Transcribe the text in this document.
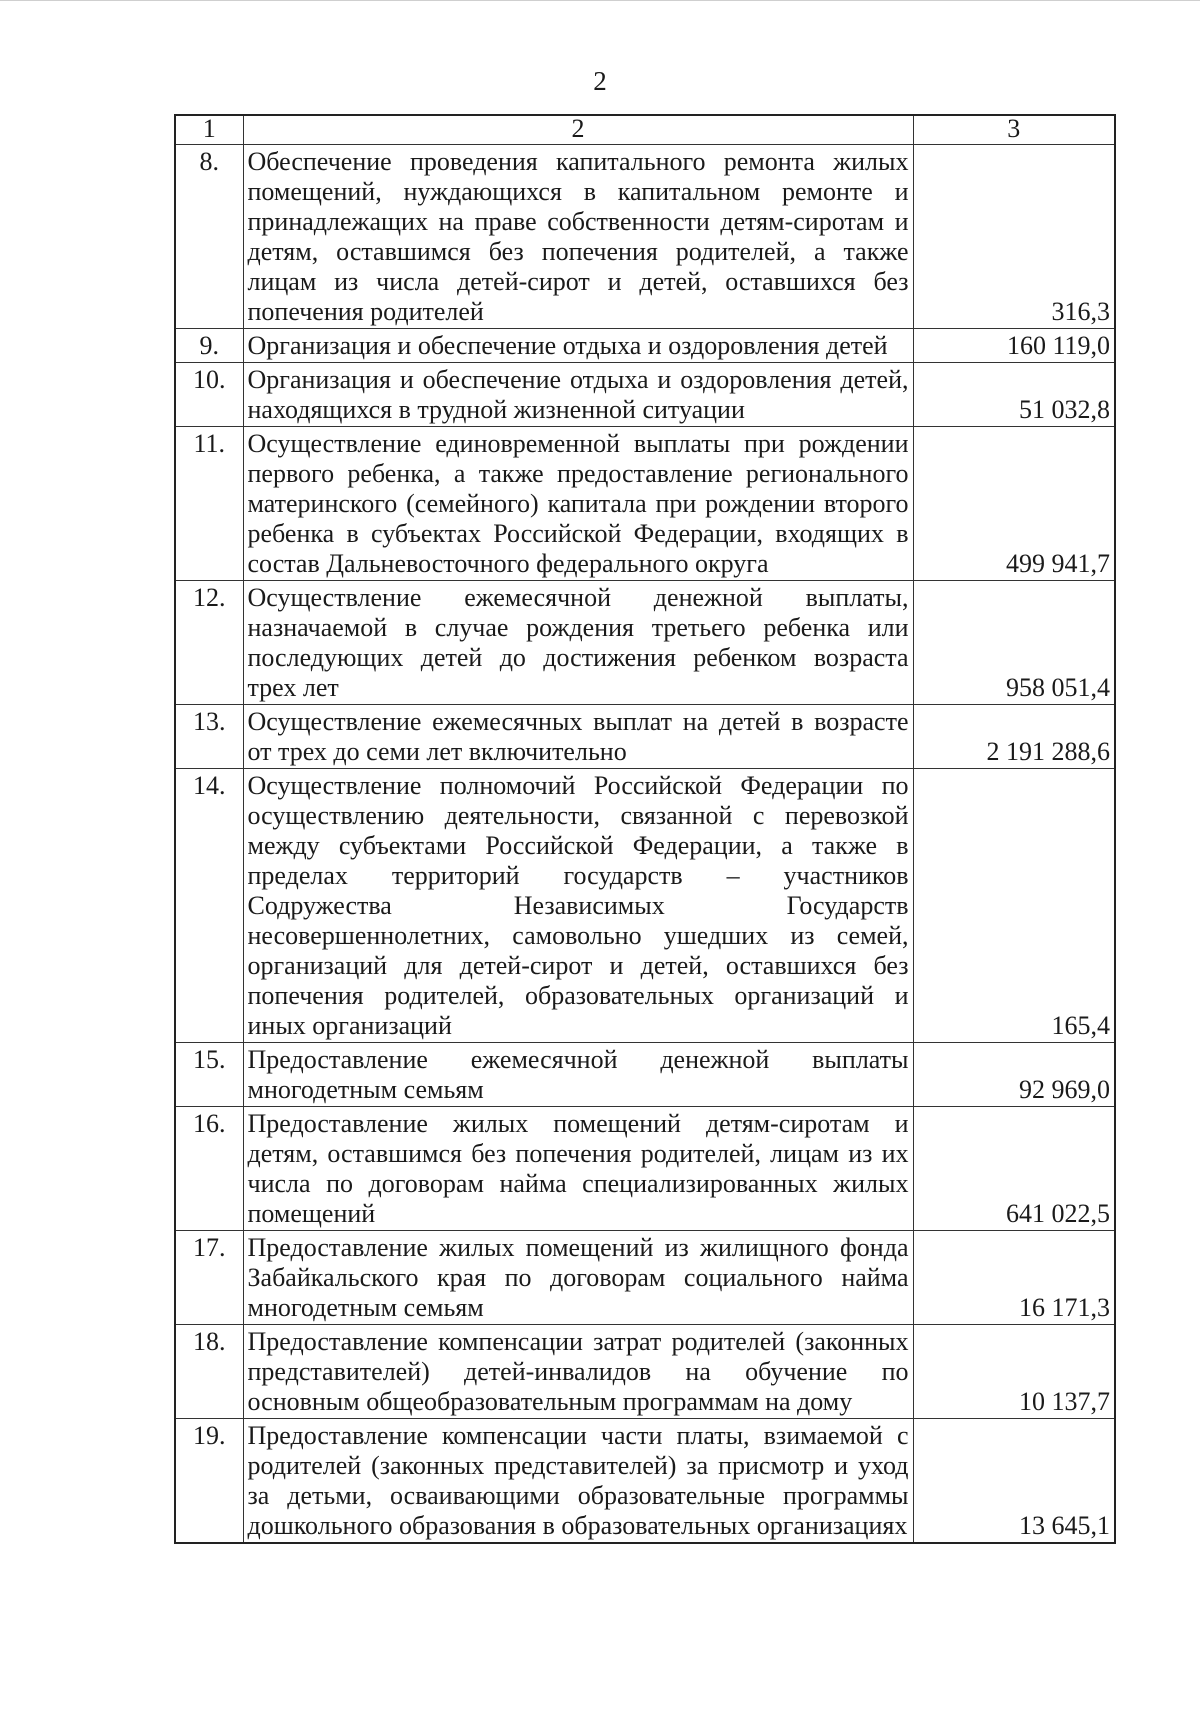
2
1	2	3
8.	Обеспечение проведения капитального ремонта жилых помещений, нуждающихся в капитальном ремонте и принадлежащих на праве собственности детям-сиротам и детям, оставшимся без попечения родителей, а также лицам из числа детей-сирот и детей, оставшихся без попечения родителей	316,3
9.	Организация и обеспечение отдыха и оздоровления детей	160 119,0
10.	Организация и обеспечение отдыха и оздоровления детей, находящихся в трудной жизненной ситуации	51 032,8
11.	Осуществление единовременной выплаты при рождении первого ребенка, а также предоставление регионального материнского (семейного) капитала при рождении второго ребенка в субъектах Российской Федерации, входящих в состав Дальневосточного федерального округа	499 941,7
12.	Осуществление ежемесячной денежной выплаты, назначаемой в случае рождения третьего ребенка или последующих детей до достижения ребенком возраста трех лет	958 051,4
13.	Осуществление ежемесячных выплат на детей в возрасте от трех до семи лет включительно	2 191 288,6
14.	Осуществление полномочий Российской Федерации по осуществлению деятельности, связанной с перевозкой между субъектами Российской Федерации, а также в пределах территорий государств – участников Содружества Независимых Государств несовершеннолетних, самовольно ушедших из семей, организаций для детей-сирот и детей, оставшихся без попечения родителей, образовательных организаций и иных организаций	165,4
15.	Предоставление ежемесячной денежной выплаты многодетным семьям	92 969,0
16.	Предоставление жилых помещений детям-сиротам и детям, оставшимся без попечения родителей, лицам из их числа по договорам найма специализированных жилых помещений	641 022,5
17.	Предоставление жилых помещений из жилищного фонда Забайкальского края по договорам социального найма многодетным семьям	16 171,3
18.	Предоставление компенсации затрат родителей (законных представителей) детей-инвалидов на обучение по основным общеобразовательным программам на дому	10 137,7
19.	Предоставление компенсации части платы, взимаемой с родителей (законных представителей) за присмотр и уход за детьми, осваивающими образовательные программы дошкольного образования в образовательных организациях	13 645,1
